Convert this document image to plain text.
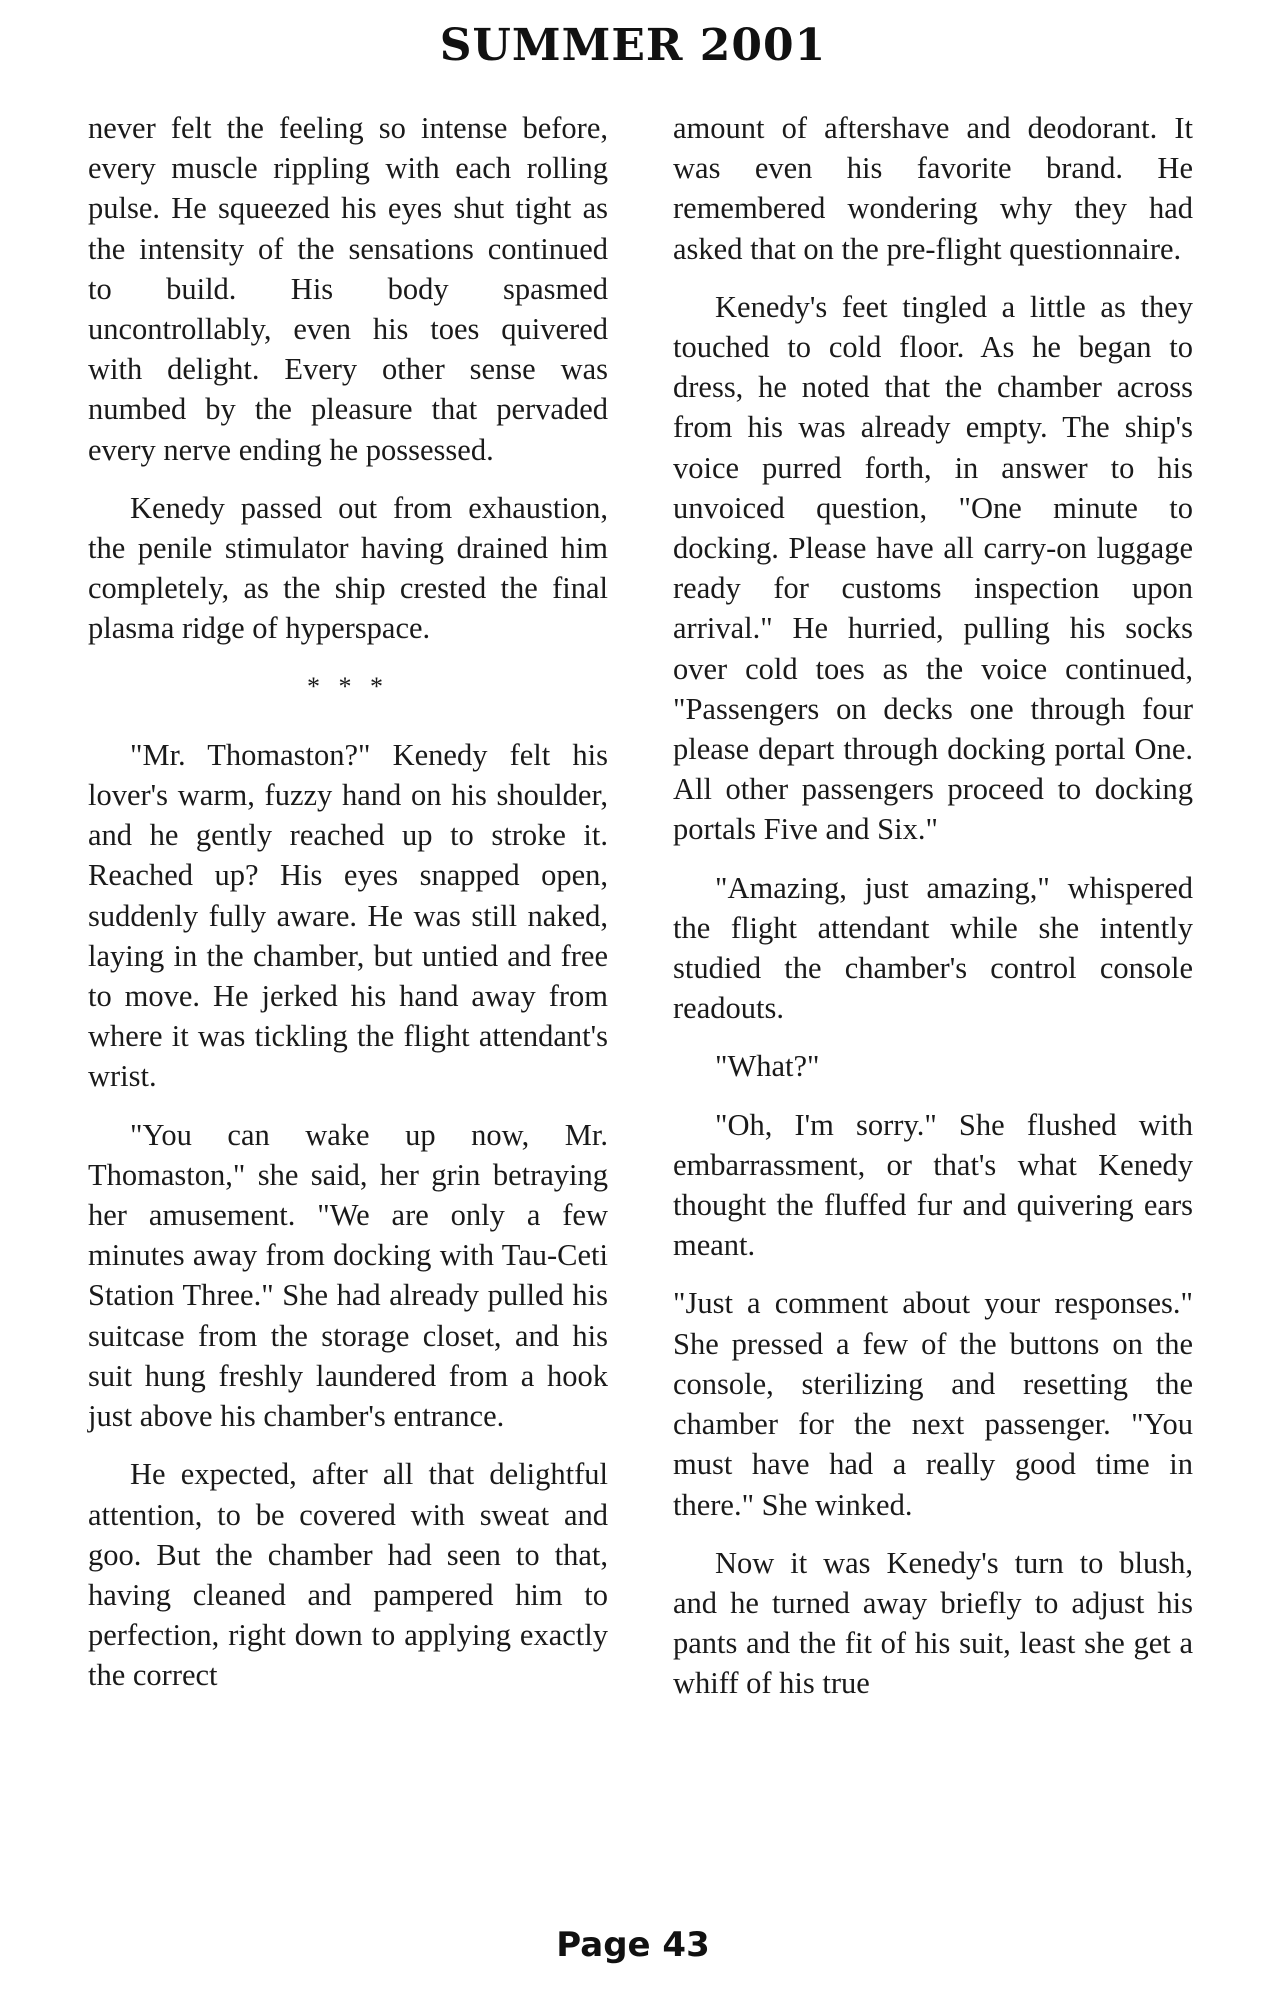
SUMMER 2001

never felt the feeling so intense before, every muscle rippling with each rolling pulse. He squeezed his eyes shut tight as the intensity of the sensations continued to build. His body spasmed uncontrollably, even his toes quivered with delight. Every other sense was numbed by the pleasure that pervaded every nerve ending he possessed.

Kenedy passed out from exhaustion, the penile stimulator having drained him completely, as the ship crested the final plasma ridge of hyperspace.

* * *

"Mr. Thomaston?" Kenedy felt his lover's warm, fuzzy hand on his shoulder, and he gently reached up to stroke it. Reached up? His eyes snapped open, suddenly fully aware. He was still naked, laying in the chamber, but untied and free to move. He jerked his hand away from where it was tickling the flight attendant's wrist.

"You can wake up now, Mr. Thomaston," she said, her grin betraying her amusement. "We are only a few minutes away from docking with Tau-Ceti Station Three." She had already pulled his suitcase from the storage closet, and his suit hung freshly laundered from a hook just above his chamber's entrance.

He expected, after all that delightful attention, to be covered with sweat and goo. But the chamber had seen to that, having cleaned and pampered him to perfection, right down to applying exactly the correct

amount of aftershave and deodorant. It was even his favorite brand. He remembered wondering why they had asked that on the pre-flight questionnaire.

Kenedy's feet tingled a little as they touched to cold floor. As he began to dress, he noted that the chamber across from his was already empty. The ship's voice purred forth, in answer to his unvoiced question, "One minute to docking. Please have all carry-on luggage ready for customs inspection upon arrival." He hurried, pulling his socks over cold toes as the voice continued, "Passengers on decks one through four please depart through docking portal One. All other passengers proceed to docking portals Five and Six."

"Amazing, just amazing," whispered the flight attendant while she intently studied the chamber's control console readouts.

"What?"

"Oh, I'm sorry." She flushed with embarrassment, or that's what Kenedy thought the fluffed fur and quivering ears meant.

"Just a comment about your responses." She pressed a few of the buttons on the console, sterilizing and resetting the chamber for the next passenger. "You must have had a really good time in there." She winked.

Now it was Kenedy's turn to blush, and he turned away briefly to adjust his pants and the fit of his suit, least she get a whiff of his true

Page 43
